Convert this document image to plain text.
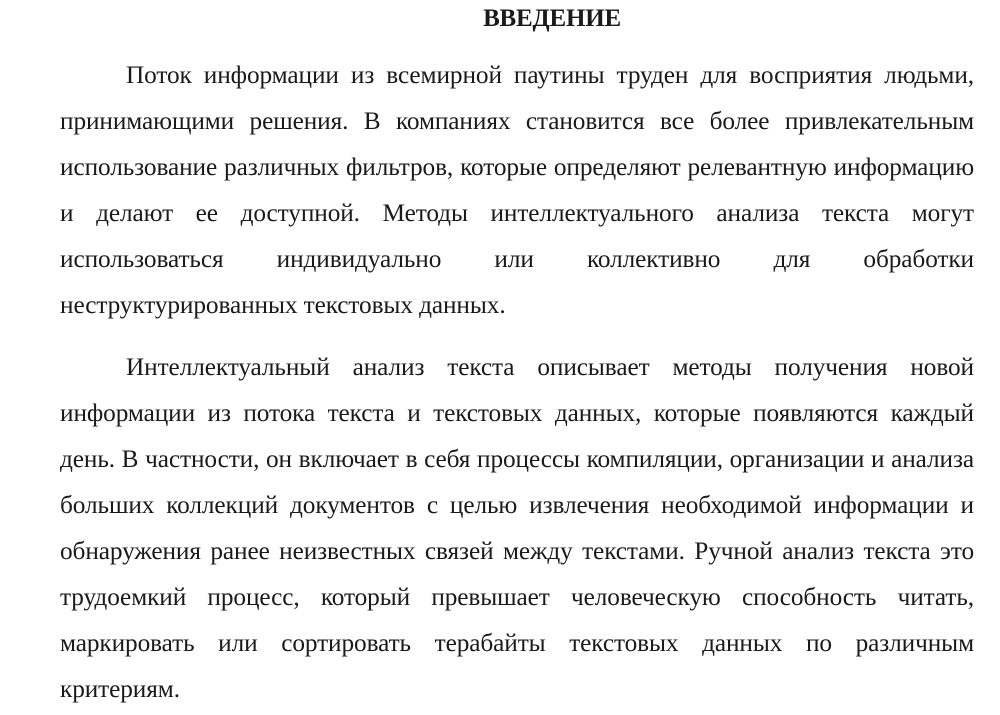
ВВЕДЕНИЕ

Поток информации из всемирной паутины труден для восприятия людьми, принимающими решения. В компаниях становится все более привлекательным использование различных фильтров, которые определяют релевантную информацию и делают ее доступной. Методы интеллектуального анализа текста могут использоваться индивидуально или коллективно для обработки неструктурированных текстовых данных.

Интеллектуальный анализ текста описывает методы получения новой информации из потока текста и текстовых данных, которые появляются каждый день. В частности, он включает в себя процессы компиляции, организации и анализа больших коллекций документов с целью извлечения необходимой информации и обнаружения ранее неизвестных связей между текстами. Ручной анализ текста это трудоемкий процесс, который превышает человеческую способность читать, маркировать или сортировать терабайты текстовых данных по различным критериям.
